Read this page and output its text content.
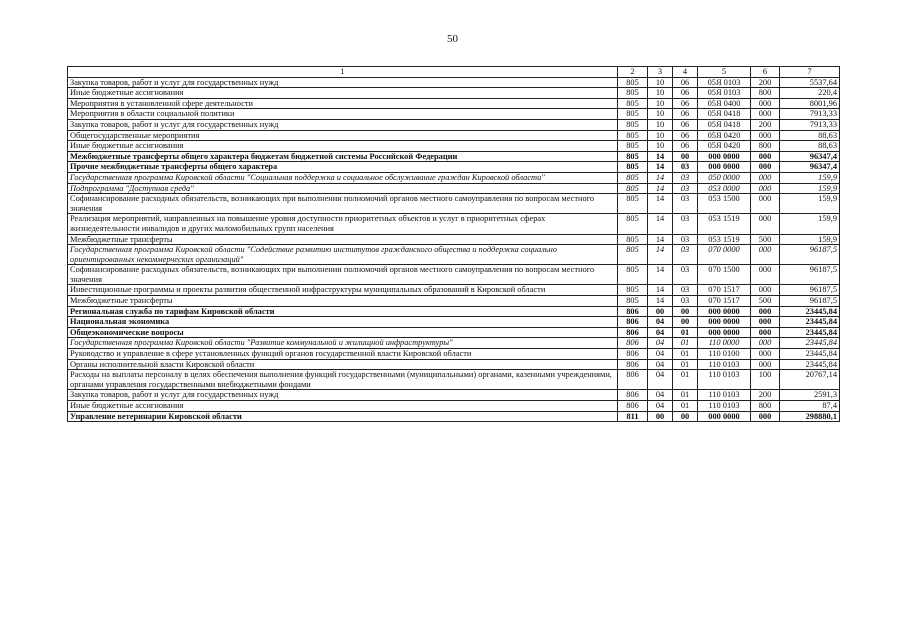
50
1	2	3	4	5	6	7
Закупка товаров, работ и услуг для государственных нужд	805	10	06	05Я 0103	200	5537,64
Иные бюджетные ассигнования	805	10	06	05Я 0103	800	220,4
Мероприятия в установленной сфере деятельности	805	10	06	05Я 0400	000	8001,96
Мероприятия в области социальной политики	805	10	06	05Я 0418	000	7913,33
Закупка товаров, работ и услуг для государственных нужд	805	10	06	05Я 0418	200	7913,33
Общегосударственные мероприятия	805	10	06	05Я 0420	000	88,63
Иные бюджетные ассигнования	805	10	06	05Я 0420	800	88,63
Межбюджетные трансферты общего характера бюджетам бюджетной системы Российской Федерации	805	14	00	000 0000	000	96347,4
Прочие межбюджетные трансферты общего характера	805	14	03	000 0000	000	96347,4
Государственная программа Кировской области "Социальная поддержка и социальное обслуживание граждан Кировской области"	805	14	03	050 0000	000	159,9
Подпрограмма "Доступная среда"	805	14	03	053 0000	000	159,9
Софинансирование расходных обязательств, возникающих при выполнении полномочий органов местного самоуправления по вопросам местного значения	805	14	03	053 1500	000	159,9
Реализация мероприятий, направленных на повышение уровня доступности приоритетных объектов и услуг в приоритетных сферах жизнедеятельности инвалидов и других маломобильных групп населения	805	14	03	053 1519	000	159,9
Межбюджетные трансферты	805	14	03	053 1519	500	159,9
Государственная программа Кировской области "Содействие развитию институтов гражданского общества и поддержка социально ориентированных некоммерческих организаций"	805	14	03	070 0000	000	96187,5
Софинансирование расходных обязательств, возникающих при выполнении полномочий органов местного самоуправления по вопросам местного значения	805	14	03	070 1500	000	96187,5
Инвестиционные программы и проекты развития общественной инфраструктуры муниципальных образований в Кировской области	805	14	03	070 1517	000	96187,5
Межбюджетные трансферты	805	14	03	070 1517	500	96187,5
Региональная служба по тарифам Кировской области	806	00	00	000 0000	000	23445,84
Национальная экономика	806	04	00	000 0000	000	23445,84
Общеэкономические вопросы	806	04	01	000 0000	000	23445,84
Государственная программа Кировской области "Развитие коммунальной и жилищной инфраструктуры"	806	04	01	110 0000	000	23445,84
Руководство и управление в сфере установленных функций органов государственной власти Кировской области	806	04	01	110 0100	000	23445,84
Органы исполнительной власти Кировской области	806	04	01	110 0103	000	23445,84
Расходы на выплаты персоналу в целях обеспечения выполнения функций государственными (муниципальными) органами, казенными учреждениями, органами управления государственными внебюджетными фондами	806	04	01	110 0103	100	20767,14
Закупка товаров, работ и услуг для государственных нужд	806	04	01	110 0103	200	2591,3
Иные бюджетные ассигнования	806	04	01	110 0103	800	87,4
Управление ветеринарии Кировской области	811	00	00	000 0000	000	298880,1
